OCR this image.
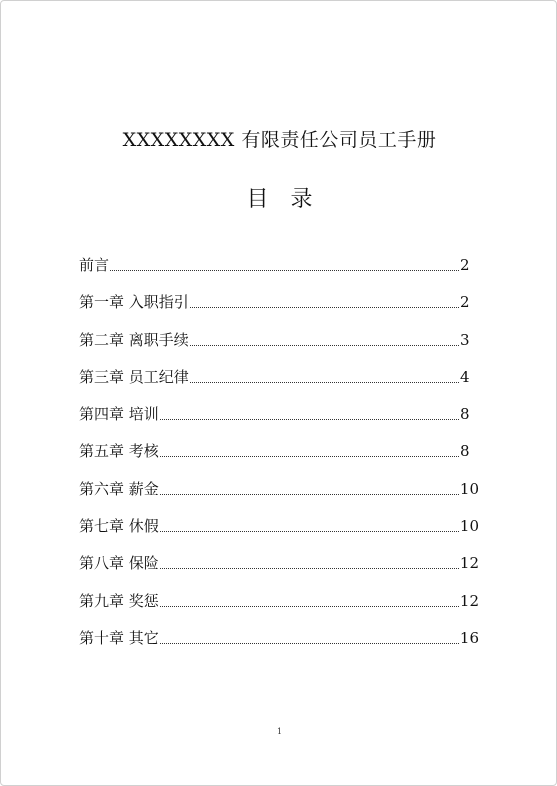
XXXXXXXX 有限责任公司员工手册
目　录
前言	2
第一章 入职指引	2
第二章 离职手续	3
第三章 员工纪律	4
第四章 培训	8
第五章 考核	8
第六章 薪金	10
第七章 休假	10
第八章 保险	12
第九章 奖惩	12
第十章 其它	16
1
